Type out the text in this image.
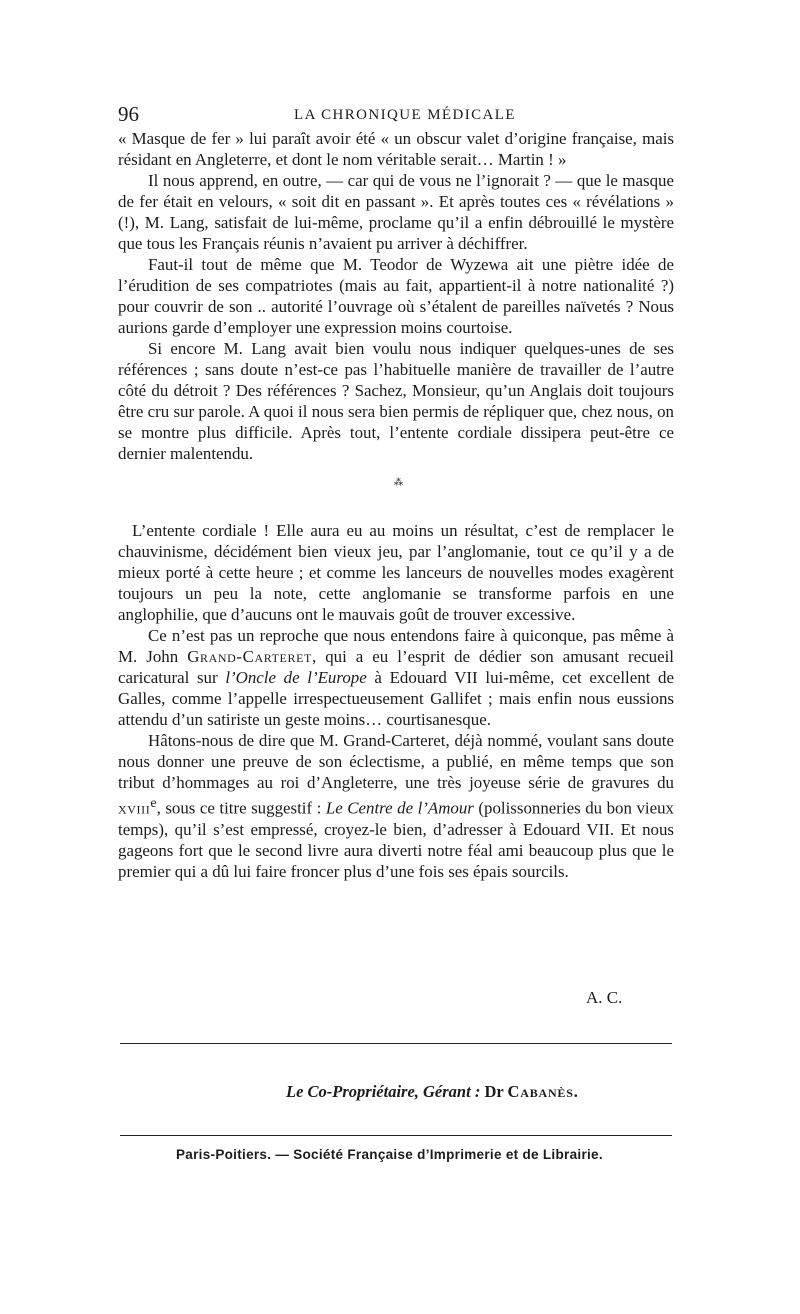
96	LA CHRONIQUE MÉDICALE

« Masque de fer » lui paraît avoir été « un obscur valet d’origine française, mais résidant en Angleterre, et dont le nom véritable serait… Martin ! »

Il nous apprend, en outre, — car qui de vous ne l’ignorait ? — que le masque de fer était en velours, « soit dit en passant ». Et après toutes ces « révélations » (!), M. Lang, satisfait de lui-même, proclame qu’il a enfin débrouillé le mystère que tous les Français réunis n’avaient pu arriver à déchiffrer.

Faut-il tout de même que M. Teodor de Wyzewa ait une piètre idée de l’érudition de ses compatriotes (mais au fait, appartient-il à notre nationalité ?) pour couvrir de son .. autorité l’ouvrage où s’étalent de pareilles naïvetés ? Nous aurions garde d’employer une expression moins courtoise.

Si encore M. Lang avait bien voulu nous indiquer quelques-unes de ses références ; sans doute n’est-ce pas l’habituelle manière de travailler de l’autre côté du détroit ? Des références ? Sachez, Monsieur, qu’un Anglais doit toujours être cru sur parole. A quoi il nous sera bien permis de répliquer que, chez nous, on se montre plus difficile. Après tout, l’entente cordiale dissipera peut-être ce dernier malentendu.

⁂

L’entente cordiale ! Elle aura eu au moins un résultat, c’est de remplacer le chauvinisme, décidément bien vieux jeu, par l’anglomanie, tout ce qu’il y a de mieux porté à cette heure ; et comme les lanceurs de nouvelles modes exagèrent toujours un peu la note, cette anglomanie se transforme parfois en une anglophilie, que d’aucuns ont le mauvais goût de trouver excessive.

Ce n’est pas un reproche que nous entendons faire à quiconque, pas même à M. John Grand-Carteret, qui a eu l’esprit de dédier son amusant recueil caricatural sur l’Oncle de l’Europe à Edouard VII lui-même, cet excellent de Galles, comme l’appelle irrespectueusement Gallifet ; mais enfin nous eussions attendu d’un satiriste un geste moins… courtisanesque.

Hâtons-nous de dire que M. Grand-Carteret, déjà nommé, voulant sans doute nous donner une preuve de son éclectisme, a publié, en même temps que son tribut d’hommages au roi d’Angleterre, une très joyeuse série de gravures du xviii$^e$, sous ce titre suggestif : Le Centre de l’Amour (polissonneries du bon vieux temps), qu’il s’est empressé, croyez-le bien, d’adresser à Edouard VII. Et nous gageons fort que le second livre aura diverti notre féal ami beaucoup plus que le premier qui a dû lui faire froncer plus d’une fois ses épais sourcils.

A. C.
Le Co-Propriétaire, Gérant : Dr Cabanès.
Paris-Poitiers. — Société Française d’Imprimerie et de Librairie.
